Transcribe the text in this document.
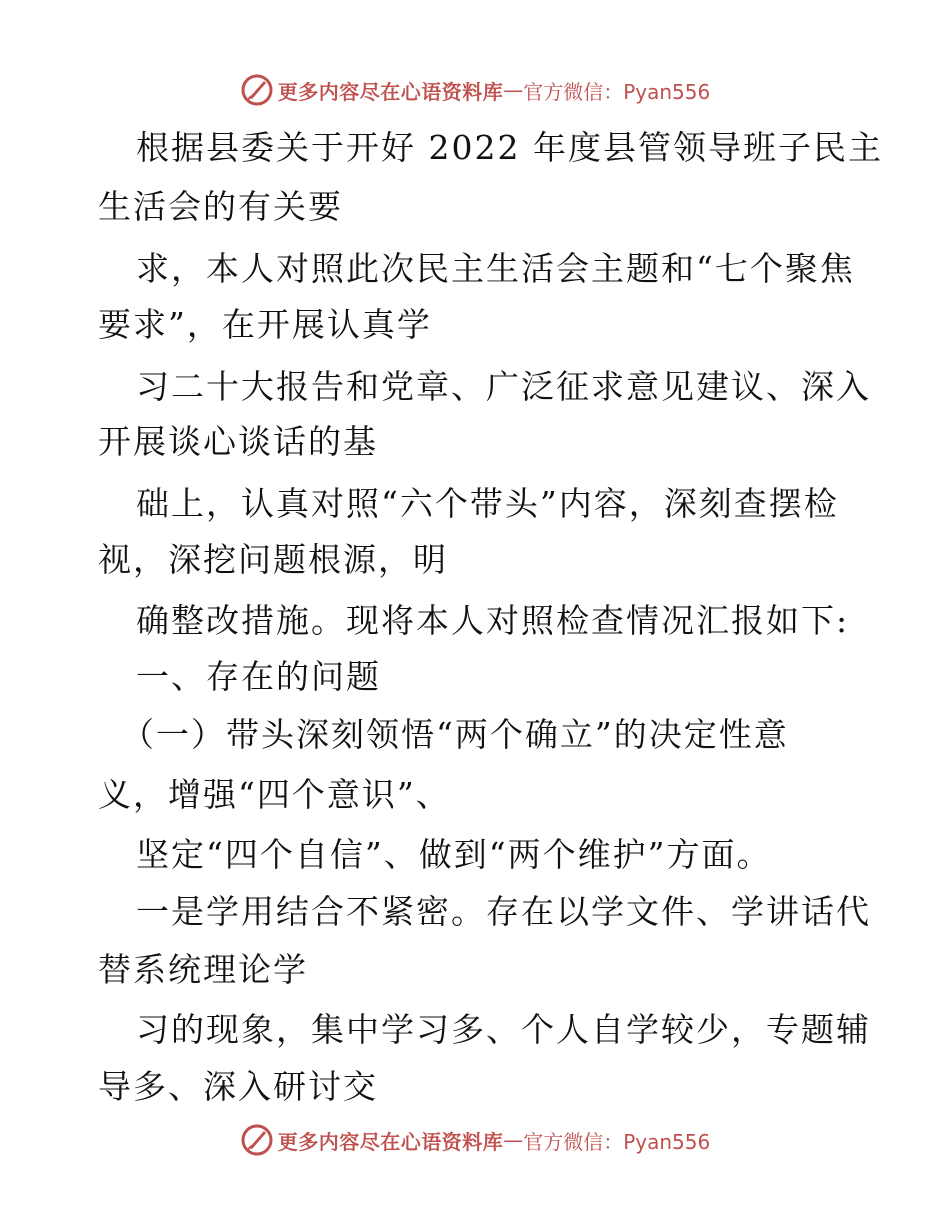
更多内容尽在心语资料库 — 官方微信：Pyan556
根据县委关于开好 2022 年度县管领导班子民主
生活会的有关要
求，本人对照此次民主生活会主题和“七个聚焦
要求”，在开展认真学
习二十大报告和党章、广泛征求意见建议、深入
开展谈心谈话的基
础上，认真对照“六个带头”内容，深刻查摆检
视，深挖问题根源，明
确整改措施。现将本人对照检查情况汇报如下:
一、存在的问题
（一）带头深刻领悟“两个确立”的决定性意
义，增强“四个意识”、
坚定“四个自信”、做到“两个维护”方面。
一是学用结合不紧密。存在以学文件、学讲话代
替系统理论学
习的现象，集中学习多、个人自学较少，专题辅
导多、深入研讨交
更多内容尽在心语资料库 — 官方微信：Pyan556
